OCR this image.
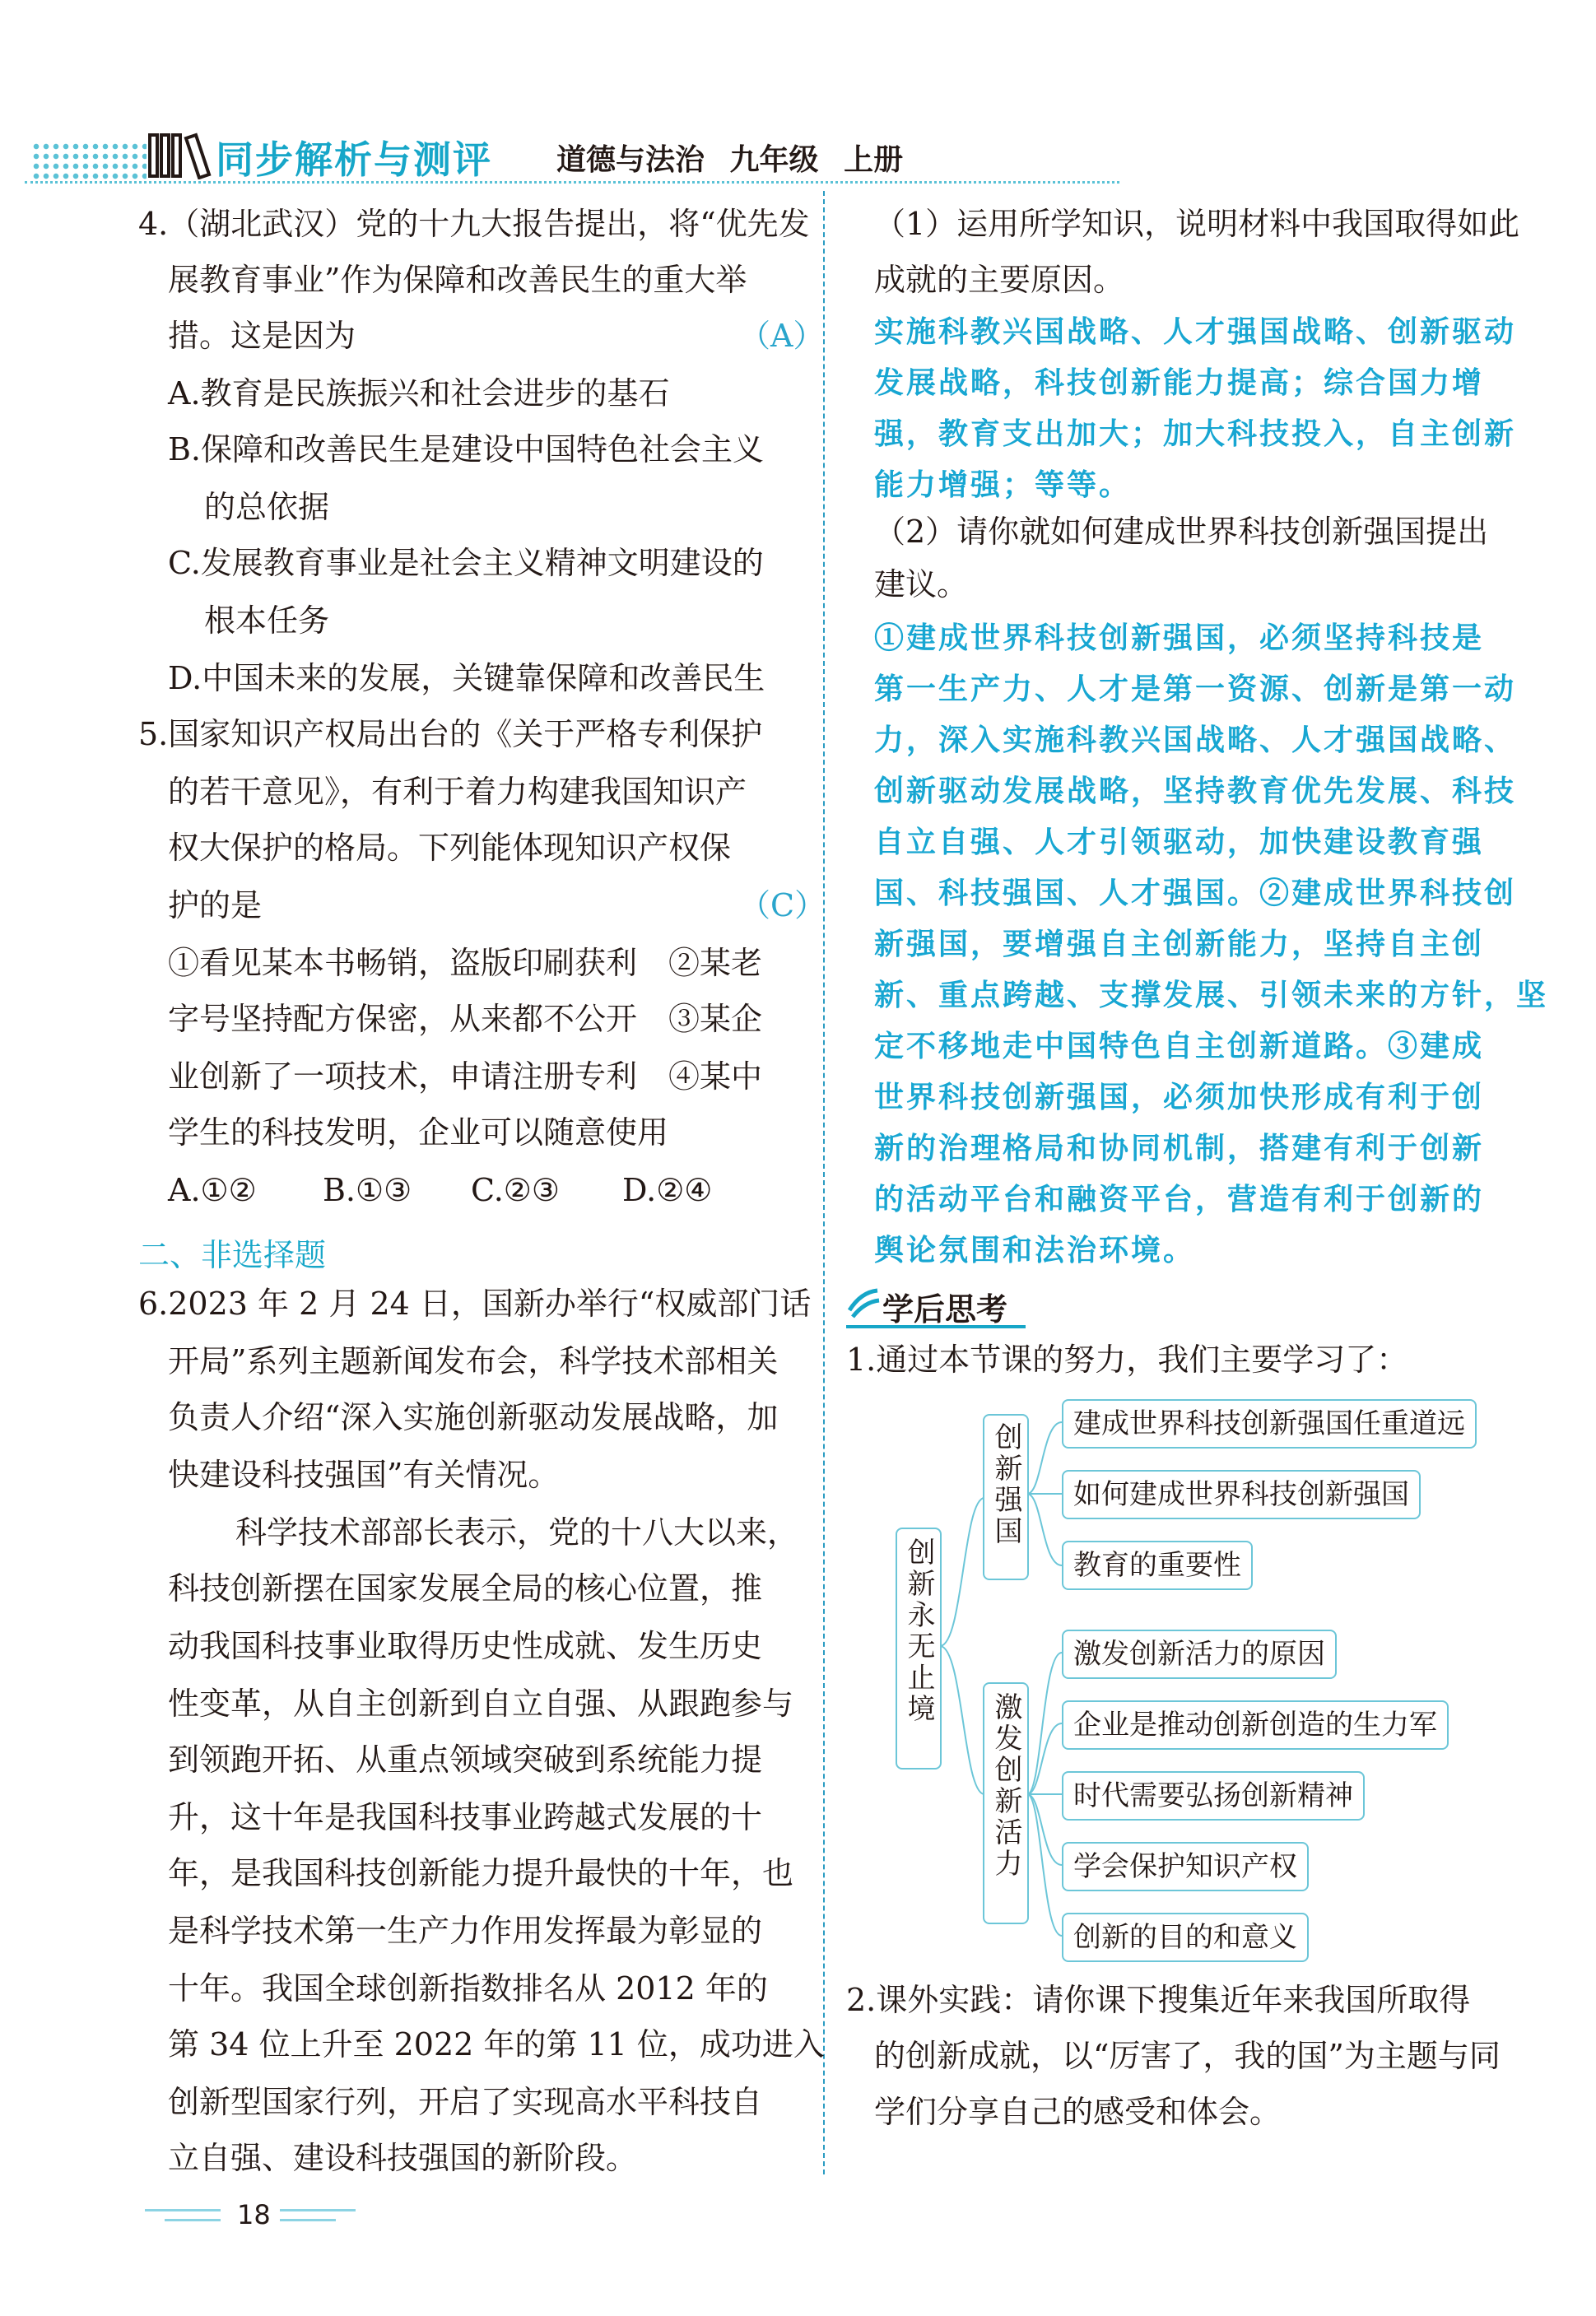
同步解析与测评 道德与法治 九年级 上册
4.（湖北武汉）党的十九大报告提出，将“优先发
展教育事业”作为保障和改善民生的重大举
措。这是因为	（A）
A.教育是民族振兴和社会进步的基石
B.保障和改善民生是建设中国特色社会主义
的总依据
C.发展教育事业是社会主义精神文明建设的
根本任务
D.中国未来的发展，关键靠保障和改善民生
5.国家知识产权局出台的《关于严格专利保护
的若干意见》，有利于着力构建我国知识产
权大保护的格局。下列能体现知识产权保
护的是	（C）
①看见某本书畅销，盗版印刷获利　②某老
字号坚持配方保密，从来都不公开　③某企
业创新了一项技术，申请注册专利　④某中
学生的科技发明，企业可以随意使用
A.①② B.①③ C.②③ D.②④
二、非选择题
6.2023 年 2 月 24 日，国新办举行“权威部门话
开局”系列主题新闻发布会，科学技术部相关
负责人介绍“深入实施创新驱动发展战略，加
快建设科技强国”有关情况。
科学技术部部长表示，党的十八大以来，
科技创新摆在国家发展全局的核心位置，推
动我国科技事业取得历史性成就、发生历史
性变革，从自主创新到自立自强、从跟跑参与
到领跑开拓、从重点领域突破到系统能力提
升，这十年是我国科技事业跨越式发展的十
年，是我国科技创新能力提升最快的十年，也
是科学技术第一生产力作用发挥最为彰显的
十年。我国全球创新指数排名从 2012 年的
第 34 位上升至 2022 年的第 11 位，成功进入
创新型国家行列，开启了实现高水平科技自
立自强、建设科技强国的新阶段。
（1）运用所学知识，说明材料中我国取得如此
成就的主要原因。
实施科教兴国战略、人才强国战略、创新驱动
发展战略，科技创新能力提高；综合国力增
强，教育支出加大；加大科技投入，自主创新
能力增强；等等。
（2）请你就如何建成世界科技创新强国提出
建议。
①建成世界科技创新强国，必须坚持科技是
第一生产力、人才是第一资源、创新是第一动
力，深入实施科教兴国战略、人才强国战略、
创新驱动发展战略，坚持教育优先发展、科技
自立自强、人才引领驱动，加快建设教育强
国、科技强国、人才强国。②建成世界科技创
新强国，要增强自主创新能力，坚持自主创
新、重点跨越、支撑发展、引领未来的方针，坚
定不移地走中国特色自主创新道路。③建成
世界科技创新强国，必须加快形成有利于创
新的治理格局和协同机制，搭建有利于创新
的活动平台和融资平台，营造有利于创新的
舆论氛围和法治环境。
学后思考
1.通过本节课的努力，我们主要学习了：
创新永无止境
创新强国
激发创新活力
建成世界科技创新强国任重道远
如何建成世界科技创新强国
教育的重要性
激发创新活力的原因
企业是推动创新创造的生力军
时代需要弘扬创新精神
学会保护知识产权
创新的目的和意义
2.课外实践：请你课下搜集近年来我国所取得
的创新成就，以“厉害了，我的国”为主题与同
学们分享自己的感受和体会。
18
